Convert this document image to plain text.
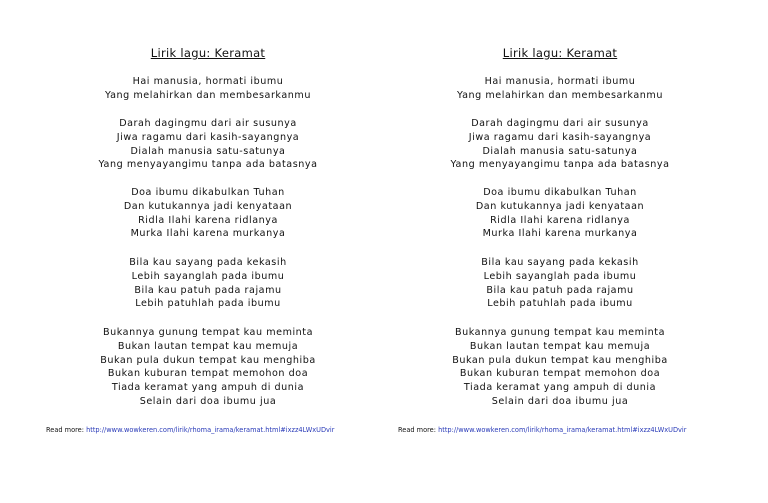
Lirik lagu: Keramat
Hai manusia, hormati ibumu
Yang melahirkan dan membesarkanmu
Darah dagingmu dari air susunya
Jiwa ragamu dari kasih-sayangnya
Dialah manusia satu-satunya
Yang menyayangimu tanpa ada batasnya
Doa ibumu dikabulkan Tuhan
Dan kutukannya jadi kenyataan
Ridla Ilahi karena ridlanya
Murka Ilahi karena murkanya
Bila kau sayang pada kekasih
Lebih sayanglah pada ibumu
Bila kau patuh pada rajamu
Lebih patuhlah pada ibumu
Bukannya gunung tempat kau meminta
Bukan lautan tempat kau memuja
Bukan pula dukun tempat kau menghiba
Bukan kuburan tempat memohon doa
Tiada keramat yang ampuh di dunia
Selain dari doa ibumu jua
Read more: http://www.wowkeren.com/lirik/rhoma_irama/keramat.html#ixzz4LWxUDvir
Lirik lagu: Keramat
Hai manusia, hormati ibumu
Yang melahirkan dan membesarkanmu
Darah dagingmu dari air susunya
Jiwa ragamu dari kasih-sayangnya
Dialah manusia satu-satunya
Yang menyayangimu tanpa ada batasnya
Doa ibumu dikabulkan Tuhan
Dan kutukannya jadi kenyataan
Ridla Ilahi karena ridlanya
Murka Ilahi karena murkanya
Bila kau sayang pada kekasih
Lebih sayanglah pada ibumu
Bila kau patuh pada rajamu
Lebih patuhlah pada ibumu
Bukannya gunung tempat kau meminta
Bukan lautan tempat kau memuja
Bukan pula dukun tempat kau menghiba
Bukan kuburan tempat memohon doa
Tiada keramat yang ampuh di dunia
Selain dari doa ibumu jua
Read more: http://www.wowkeren.com/lirik/rhoma_irama/keramat.html#ixzz4LWxUDvir
